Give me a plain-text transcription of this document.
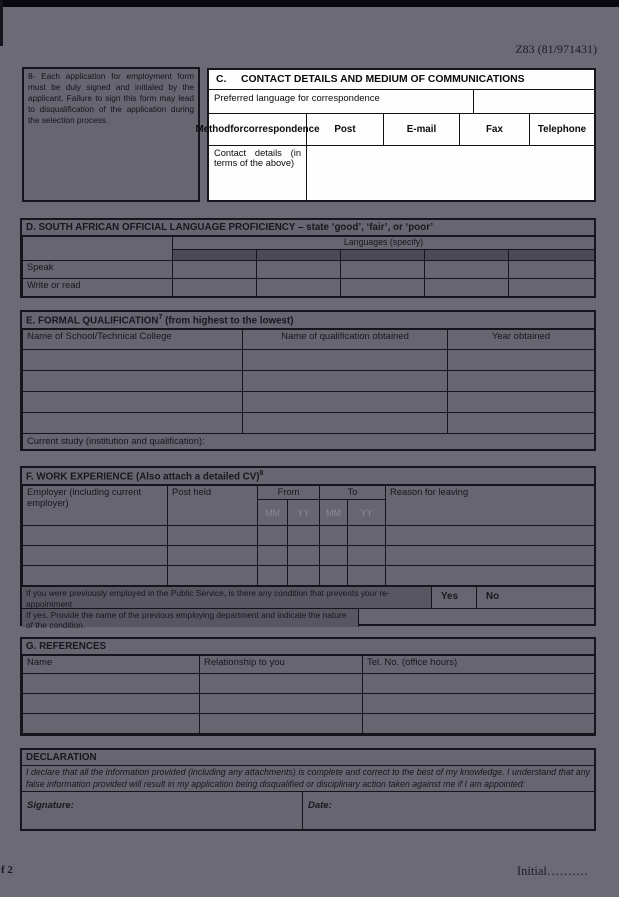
Z83 (81/971431)
8- Each application for employment form must be duly signed and initialed by the applicant. Failure to sign this form may lead to disqualification of the application during the selection process.
C.	CONTACT DETAILS AND MEDIUM OF COMMUNICATIONS
Preferred language for correspondence
Method for correspondence	Post	E-mail	Fax	Telephone
Contact details (in terms of the above)
D. SOUTH AFRICAN OFFICIAL LANGUAGE PROFICIENCY – state ‘good’, ‘fair’, or ‘poor’
	Languages (specify)				

Speak					
Write or read					
E. FORMAL QUALIFICATION$^7$ (from highest to the lowest)
Name of School/Technical College	Name of qualification obtained	Year obtained

Current study (institution and qualification):		
F. WORK EXPERIENCE (Also attach a detailed CV)$^8$
Employer (including current employer)	Post held	From		To		Reason for leaving
		MM	YY	MM	YY	

If you were previously employed in the Public Service, is there any condition that prevents your re-appointment
Yes	No
If yes. Provide the name of the previous employing department and indicate the nature of the condition.
G. REFERENCES
Name	Relationship to you	Tel. No. (office hours)

DECLARATION
I declare that all the information provided (including any attachments) is complete and correct to the best of my knowledge. I understand that any false information provided will result in my application being disqualified or disciplinary action taken against me if I am appointed:
Signature:	Date:
f 2	Initial……….
